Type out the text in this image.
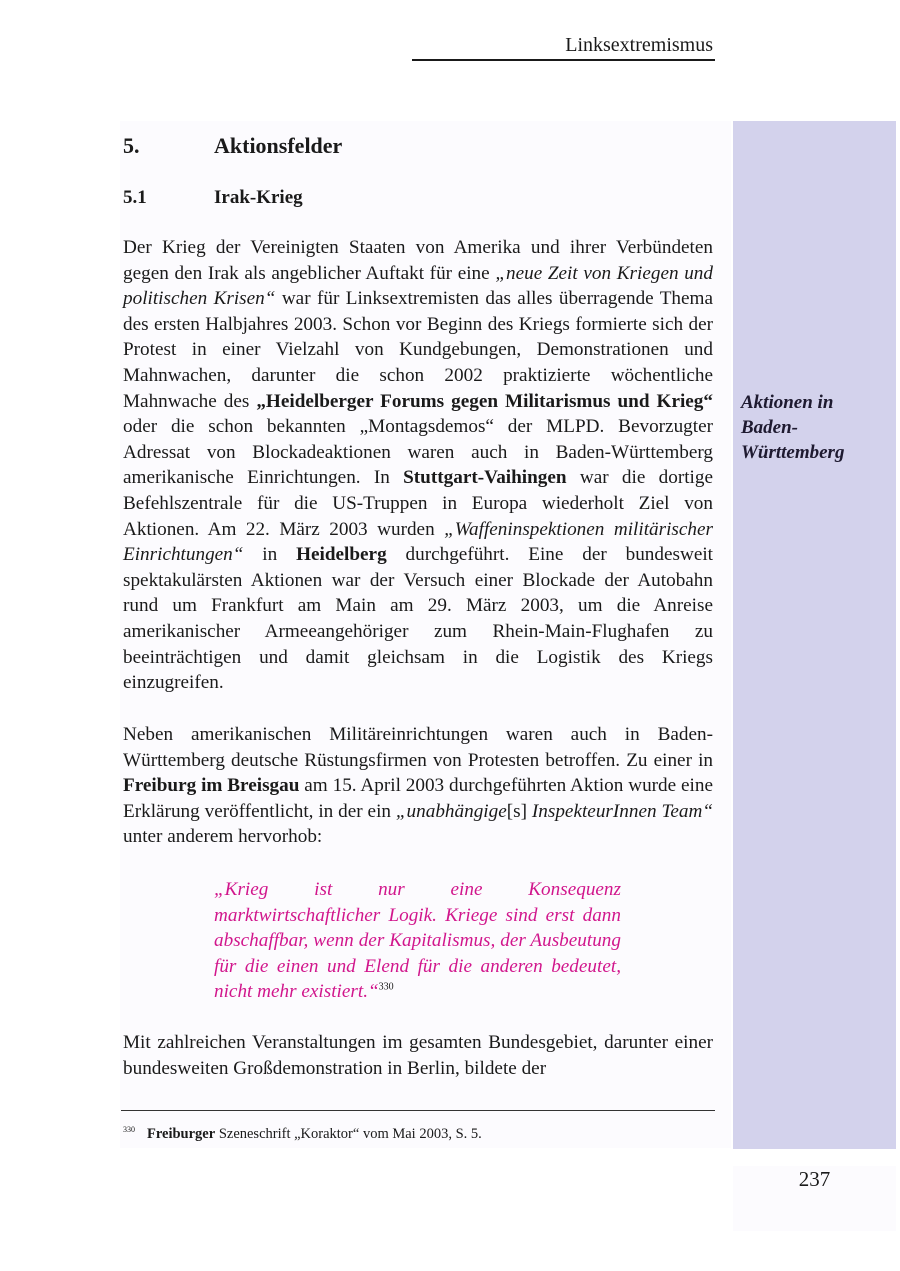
Linksextremismus
237
Aktionen in Baden-Württemberg
5.	Aktionsfelder
5.1	Irak-Krieg

Der Krieg der Vereinigten Staaten von Amerika und ihrer Verbündeten gegen den Irak als angeblicher Auftakt für eine „neue Zeit von Kriegen und politischen Krisen“ war für Linksextremisten das alles überragende Thema des ersten Halbjahres 2003. Schon vor Beginn des Kriegs formierte sich der Protest in einer Vielzahl von Kundgebungen, Demonstrationen und Mahnwachen, darunter die schon 2002 praktizierte wöchentliche Mahnwache des „Heidelberger Forums gegen Militarismus und Krieg“ oder die schon bekannten „Montagsdemos“ der MLPD. Bevorzugter Adressat von Blockadeaktionen waren auch in Baden-Württemberg amerikanische Einrichtungen. In Stuttgart-Vaihingen war die dortige Befehlszentrale für die US-Truppen in Europa wiederholt Ziel von Aktionen. Am 22. März 2003 wurden „Waffeninspektionen militärischer Einrichtungen“ in Heidelberg durchgeführt. Eine der bundesweit spektakulärsten Aktionen war der Versuch einer Blockade der Autobahn rund um Frankfurt am Main am 29. März 2003, um die Anreise amerikanischer Armeeangehöriger zum Rhein-Main-Flughafen zu beeinträchtigen und damit gleichsam in die Logistik des Kriegs einzugreifen.

Neben amerikanischen Militäreinrichtungen waren auch in Baden-Württemberg deutsche Rüstungsfirmen von Protesten betroffen. Zu einer in Freiburg im Breisgau am 15. April 2003 durchgeführten Aktion wurde eine Erklärung veröffentlicht, in der ein „unabhängige[s] InspekteurInnen Team“ unter anderem hervorhob:

„Krieg ist nur eine Konsequenz marktwirtschaftlicher Logik. Kriege sind erst dann abschaffbar, wenn der Kapitalismus, der Ausbeutung für die einen und Elend für die anderen bedeutet, nicht mehr existiert.“$^{330}$

Mit zahlreichen Veranstaltungen im gesamten Bundesgebiet, darunter einer bundesweiten Großdemonstration in Berlin, bildete der

$^{330}$ Freiburger Szeneschrift „Koraktor“ vom Mai 2003, S. 5.
